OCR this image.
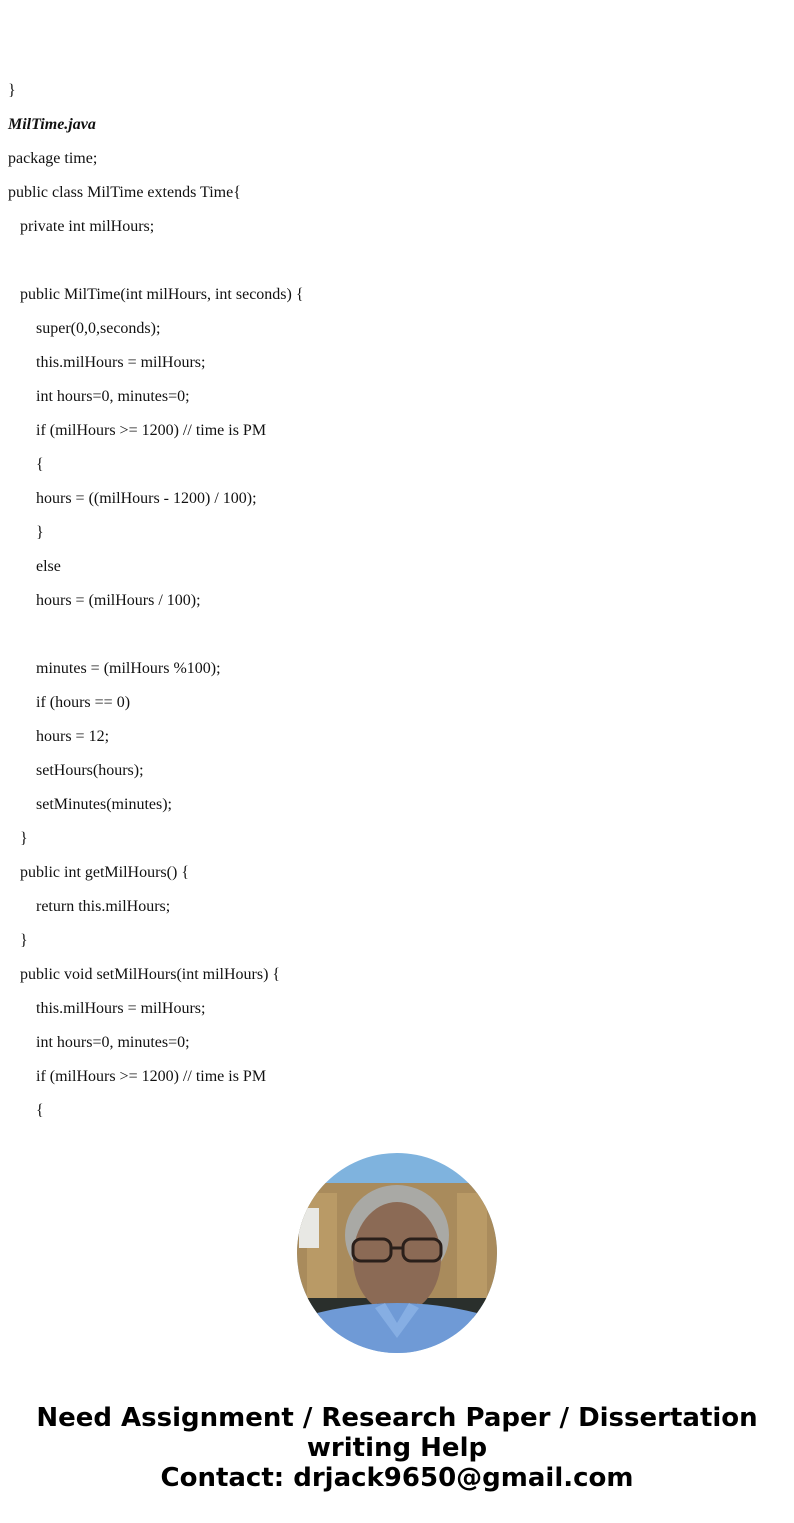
}
MilTime.java
package time;
public class MilTime extends Time{
private int milHours;
public MilTime(int milHours, int seconds) {
super(0,0,seconds);
this.milHours = milHours;
int hours=0, minutes=0;
if (milHours >= 1200) // time is PM
{
hours = ((milHours - 1200) / 100);
}
else
hours = (milHours / 100);
minutes = (milHours %100);
if (hours == 0)
hours = 12;
setHours(hours);
setMinutes(minutes);
}
public int getMilHours() {
return this.milHours;
}
public void setMilHours(int milHours) {
this.milHours = milHours;
int hours=0, minutes=0;
if (milHours >= 1200) // time is PM
{
Need Assignment / Research Paper / Dissertation
writing Help
Contact: drjack9650@gmail.com
